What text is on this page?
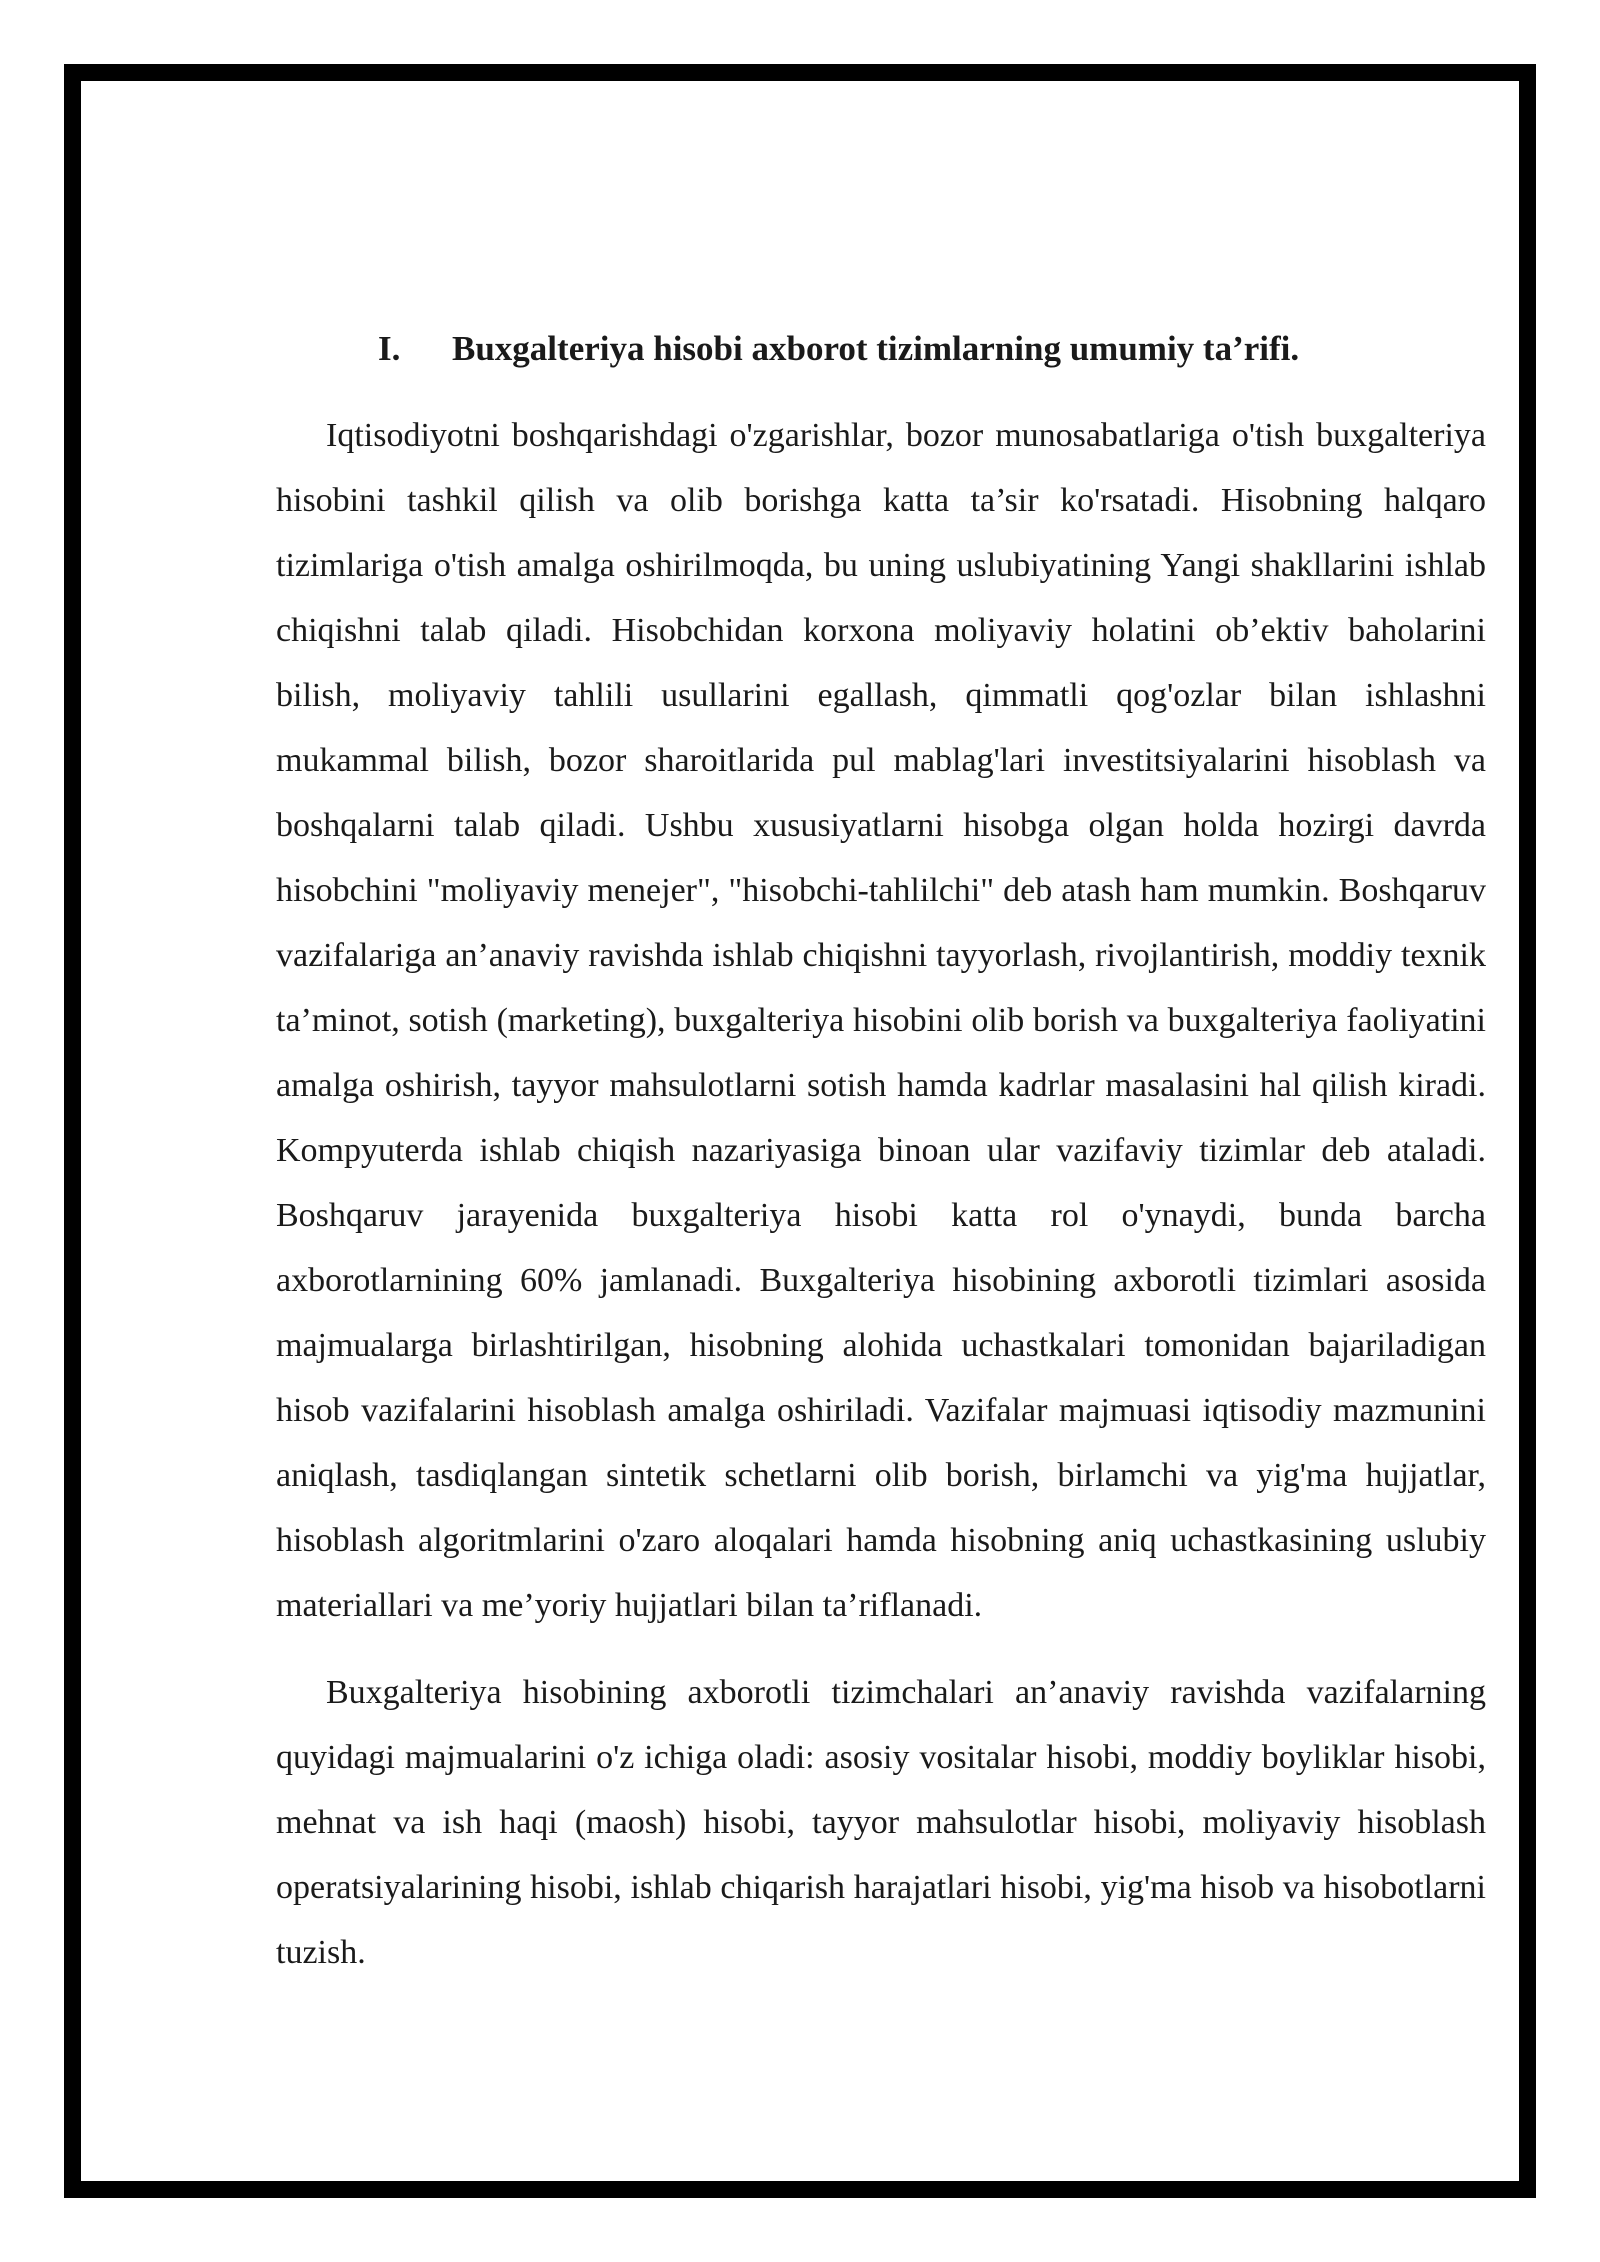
I.	Buxgalteriya hisobi axborot tizimlarning umumiy ta’rifi.

Iqtisodiyotni boshqarishdagi o'zgarishlar, bozor munosabatlariga o'tish buxgalteriya hisobini tashkil qilish va olib borishga katta ta’sir ko'rsatadi. Hisobning halqaro tizimlariga o'tish amalga oshirilmoqda, bu uning uslubiyatining Yangi shakllarini ishlab chiqishni talab qiladi. Hisobchidan korxona moliyaviy holatini ob’ektiv baholarini bilish, moliyaviy tahlili usullarini egallash, qimmatli qog'ozlar bilan ishlashni mukammal bilish, bozor sharoitlarida pul mablag'lari investitsiyalarini hisoblash va boshqalarni talab qiladi. Ushbu xususiyatlarni hisobga olgan holda hozirgi davrda hisobchini "moliyaviy menejer", "hisobchi-tahlilchi" deb atash ham mumkin. Boshqaruv vazifalariga an’anaviy ravishda ishlab chiqishni tayyorlash, rivojlantirish, moddiy texnik ta’minot, sotish (marketing), buxgalteriya hisobini olib borish va buxgalteriya faoliyatini amalga oshirish, tayyor mahsulotlarni sotish hamda kadrlar masalasini hal qilish kiradi. Kompyuterda ishlab chiqish nazariyasiga binoan ular vazifaviy tizimlar deb ataladi. Boshqaruv jarayenida buxgalteriya hisobi katta rol o'ynaydi, bunda barcha axborotlarnining 60% jamlanadi. Buxgalteriya hisobining axborotli tizimlari asosida majmualarga birlashtirilgan, hisobning alohida uchastkalari tomonidan bajariladigan hisob vazifalarini hisoblash amalga oshiriladi. Vazifalar majmuasi iqtisodiy mazmunini aniqlash, tasdiqlangan sintetik schetlarni olib borish, birlamchi va yig'ma hujjatlar, hisoblash algoritmlarini o'zaro aloqalari hamda hisobning aniq uchastkasining uslubiy materiallari va me’yoriy hujjatlari bilan ta’riflanadi.

Buxgalteriya hisobining axborotli tizimchalari an’anaviy ravishda vazifalarning quyidagi majmualarini o'z ichiga oladi: asosiy vositalar hisobi, moddiy boyliklar hisobi, mehnat va ish haqi (maosh) hisobi, tayyor mahsulotlar hisobi, moliyaviy hisoblash operatsiyalarining hisobi, ishlab chiqarish harajatlari hisobi, yig'ma hisob va hisobotlarni tuzish.
